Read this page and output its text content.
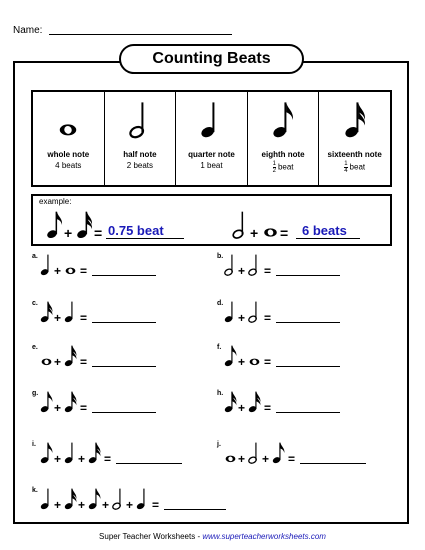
Name:
Counting Beats
whole note
4 beats
half note
2 beats
quarter note
1 beat
eighth note
$\frac{1}{2}$ beat
sixteenth note
$\frac{1}{4}$ beat
example:
Super Teacher Worksheets - www.superteacherworksheets.com
+ = 0.75 beat	+ = 6 beats
a.
+ =
b.
+ =
c.
+ =
d.
+ =
e.
+ =
f.
+ =
g.
+ =
h.
+ =
i.
+ + =
j.
+ + =
k.
+ + + + =
